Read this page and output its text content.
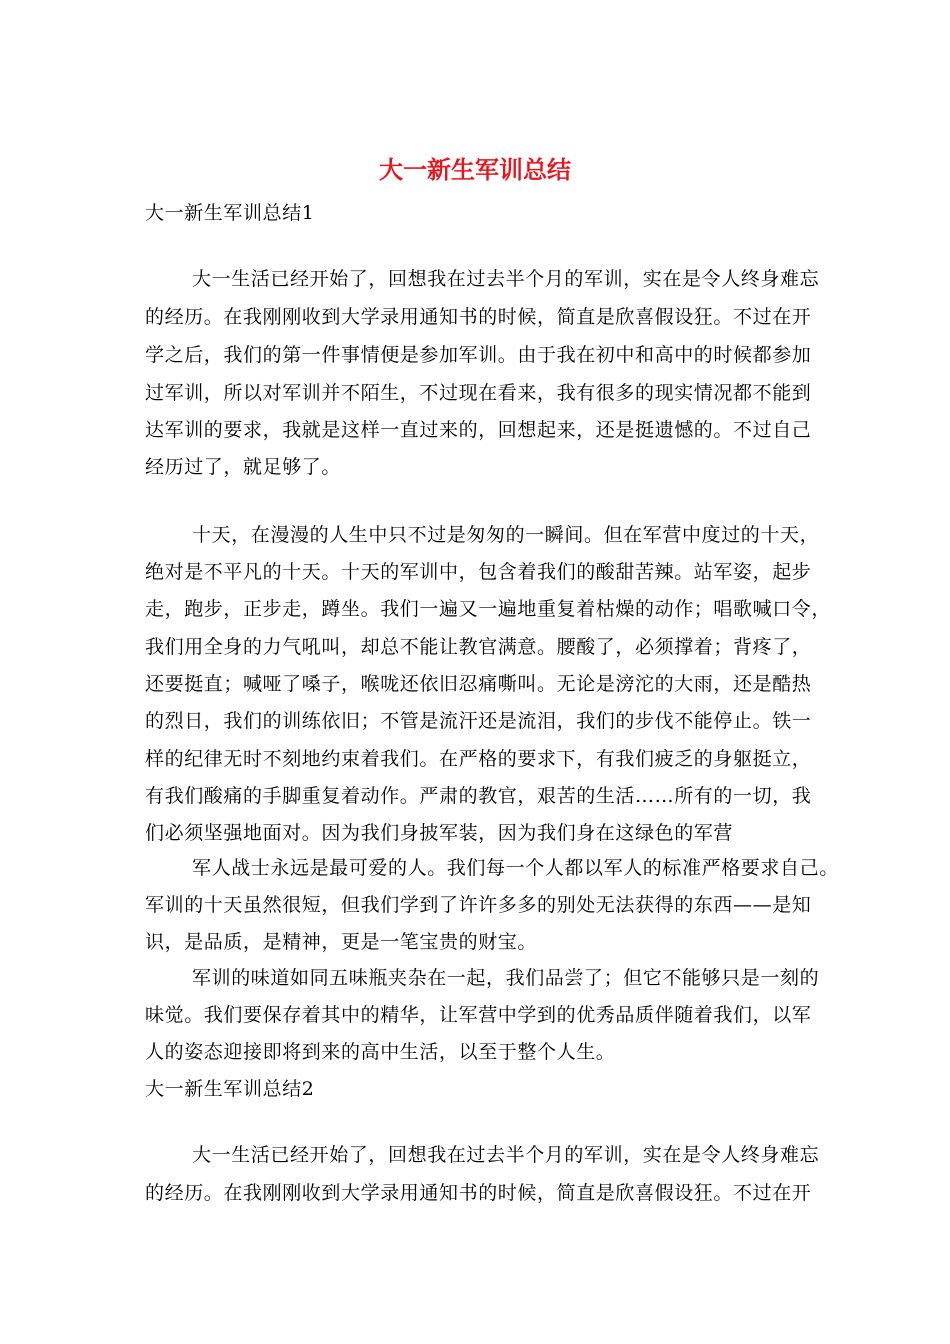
大一新生军训总结
大一新生军训总结1
大一生活已经开始了，回想我在过去半个月的军训，实在是令人终身难忘
的经历。在我刚刚收到大学录用通知书的时候，简直是欣喜假设狂。不过在开
学之后，我们的第一件事情便是参加军训。由于我在初中和高中的时候都参加
过军训，所以对军训并不陌生，不过现在看来，我有很多的现实情况都不能到
达军训的要求，我就是这样一直过来的，回想起来，还是挺遗憾的。不过自己
经历过了，就足够了。
十天，在漫漫的人生中只不过是匆匆的一瞬间。但在军营中度过的十天，
绝对是不平凡的十天。十天的军训中，包含着我们的酸甜苦辣。站军姿，起步
走，跑步，正步走，蹲坐。我们一遍又一遍地重复着枯燥的动作；唱歌喊口令，
我们用全身的力气吼叫，却总不能让教官满意。腰酸了，必须撑着；背疼了，
还要挺直；喊哑了嗓子，喉咙还依旧忍痛嘶叫。无论是滂沱的大雨，还是酷热
的烈日，我们的训练依旧；不管是流汗还是流泪，我们的步伐不能停止。铁一
样的纪律无时不刻地约束着我们。在严格的要求下，有我们疲乏的身躯挺立，
有我们酸痛的手脚重复着动作。严肃的教官，艰苦的生活……所有的一切，我
们必须坚强地面对。因为我们身披军装，因为我们身在这绿色的军营
军人战士永远是最可爱的人。我们每一个人都以军人的标准严格要求自己。
军训的十天虽然很短，但我们学到了许许多多的别处无法获得的东西——是知
识，是品质，是精神，更是一笔宝贵的财宝。
军训的味道如同五味瓶夹杂在一起，我们品尝了；但它不能够只是一刻的
味觉。我们要保存着其中的精华，让军营中学到的优秀品质伴随着我们，以军
人的姿态迎接即将到来的高中生活，以至于整个人生。
大一新生军训总结2
大一生活已经开始了，回想我在过去半个月的军训，实在是令人终身难忘
的经历。在我刚刚收到大学录用通知书的时候，简直是欣喜假设狂。不过在开
